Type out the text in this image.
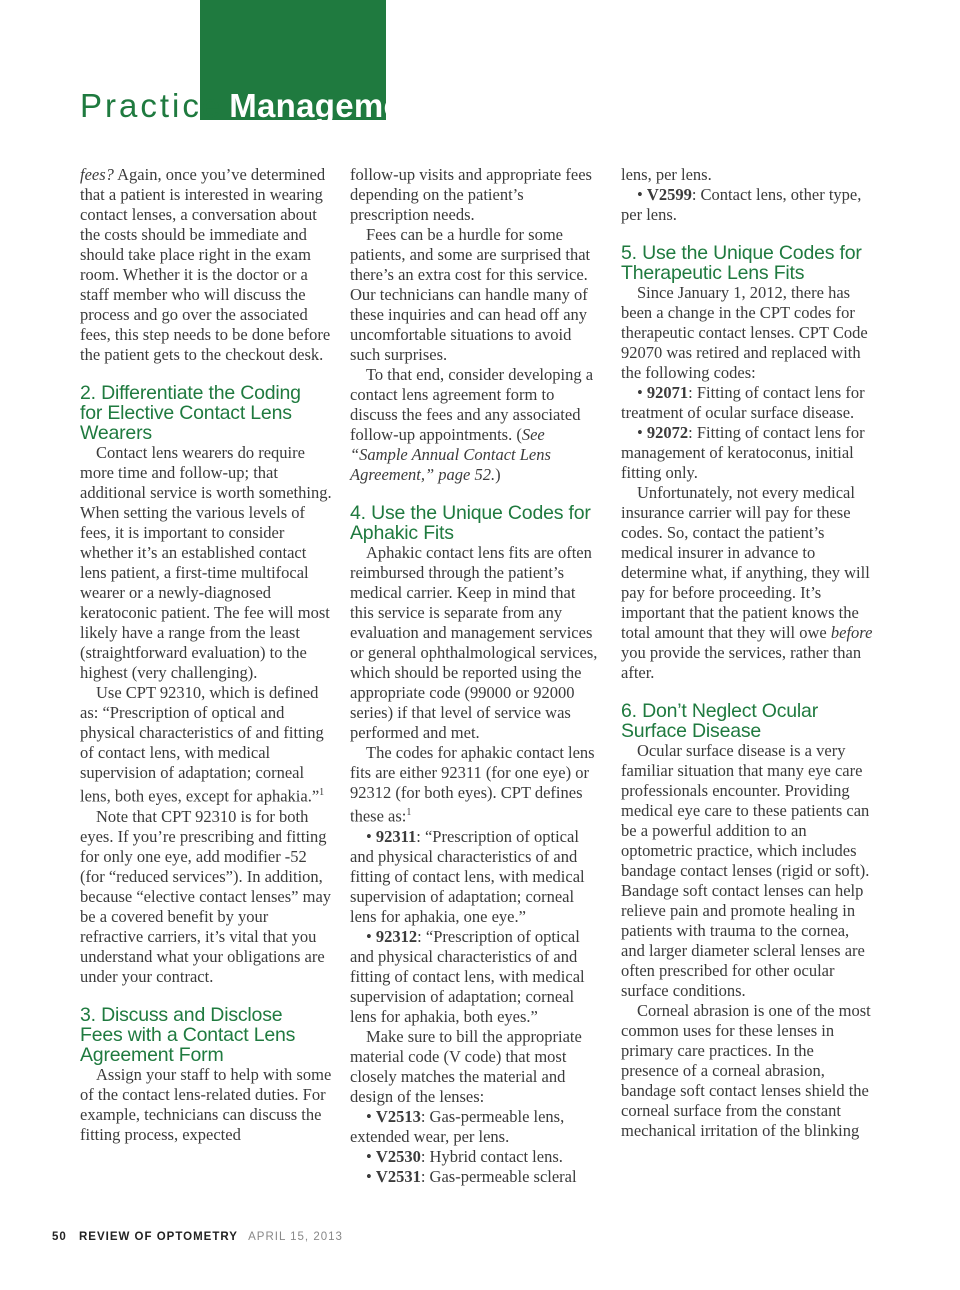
Practice Management

fees? Again, once you’ve determined that a patient is interested in wearing contact lenses, a conversation about the costs should be immediate and should take place right in the exam room. Whether it is the doctor or a staff member who will discuss the process and go over the associated fees, this step needs to be done before the patient gets to the checkout desk.

2. Differentiate the Coding
for Elective Contact Lens
Wearers

Contact lens wearers do require more time and follow-up; that additional service is worth something. When setting the various levels of fees, it is important to consider whether it’s an established contact lens patient, a first-time multifocal wearer or a newly-diagnosed keratoconic patient. The fee will most likely have a range from the least (straightforward evaluation) to the highest (very challenging).

Use CPT 92310, which is defined as: “Prescription of optical and physical characteristics of and fitting of contact lens, with medical supervision of adaptation; corneal lens, both eyes, except for aphakia.”$^1$

Note that CPT 92310 is for both eyes. If you’re prescribing and fitting for only one eye, add modifier -52 (for “reduced services”). In addition, because “elective contact lenses” may be a covered benefit by your refractive carriers, it’s vital that you understand what your obligations are under your contract.

3. Discuss and Disclose
Fees with a Contact Lens
Agreement Form

Assign your staff to help with some of the contact lens-related duties. For example, technicians can discuss the fitting process, expected

follow-up visits and appropriate fees depending on the patient’s prescription needs.

Fees can be a hurdle for some patients, and some are surprised that there’s an extra cost for this service. Our technicians can handle many of these inquiries and can head off any uncomfortable situations to avoid such surprises.

To that end, consider developing a contact lens agreement form to discuss the fees and any associated follow-up appointments. (See “Sample Annual Contact Lens Agreement,” page 52.)

4. Use the Unique Codes for
Aphakic Fits

Aphakic contact lens fits are often reimbursed through the patient’s medical carrier. Keep in mind that this service is separate from any evaluation and management services or general ophthalmological services, which should be reported using the appropriate code (99000 or 92000 series) if that level of service was performed and met.

The codes for aphakic contact lens fits are either 92311 (for one eye) or 92312 (for both eyes). CPT defines these as:$^1$

• 92311: “Prescription of optical and physical characteristics of and fitting of contact lens, with medical supervision of adaptation; corneal lens for aphakia, one eye.”

• 92312: “Prescription of optical and physical characteristics of and fitting of contact lens, with medical supervision of adaptation; corneal lens for aphakia, both eyes.”

Make sure to bill the appropriate material code (V code) that most closely matches the material and design of the lenses:

• V2513: Gas-permeable lens, extended wear, per lens.

• V2530: Hybrid contact lens.

• V2531: Gas-permeable scleral

lens, per lens.

• V2599: Contact lens, other type, per lens.

5. Use the Unique Codes for
Therapeutic Lens Fits

Since January 1, 2012, there has been a change in the CPT codes for therapeutic contact lenses. CPT Code 92070 was retired and replaced with the following codes:

• 92071: Fitting of contact lens for treatment of ocular surface disease.

• 92072: Fitting of contact lens for management of keratoconus, initial fitting only.

Unfortunately, not every medical insurance carrier will pay for these codes. So, contact the patient’s medical insurer in advance to determine what, if anything, they will pay for before proceeding. It’s important that the patient knows the total amount that they will owe before you provide the services, rather than after.

6. Don’t Neglect Ocular
Surface Disease

Ocular surface disease is a very familiar situation that many eye care professionals encounter. Providing medical eye care to these patients can be a powerful addition to an optometric practice, which includes bandage contact lenses (rigid or soft). Bandage soft contact lenses can help relieve pain and promote healing in patients with trauma to the cornea, and larger diameter scleral lenses are often prescribed for other ocular surface conditions.

Corneal abrasion is one of the most common uses for these lenses in primary care practices. In the presence of a corneal abrasion, bandage soft contact lenses shield the corneal surface from the constant mechanical irritation of the blinking

50 REVIEW OF OPTOMETRY APRIL 15, 2013
